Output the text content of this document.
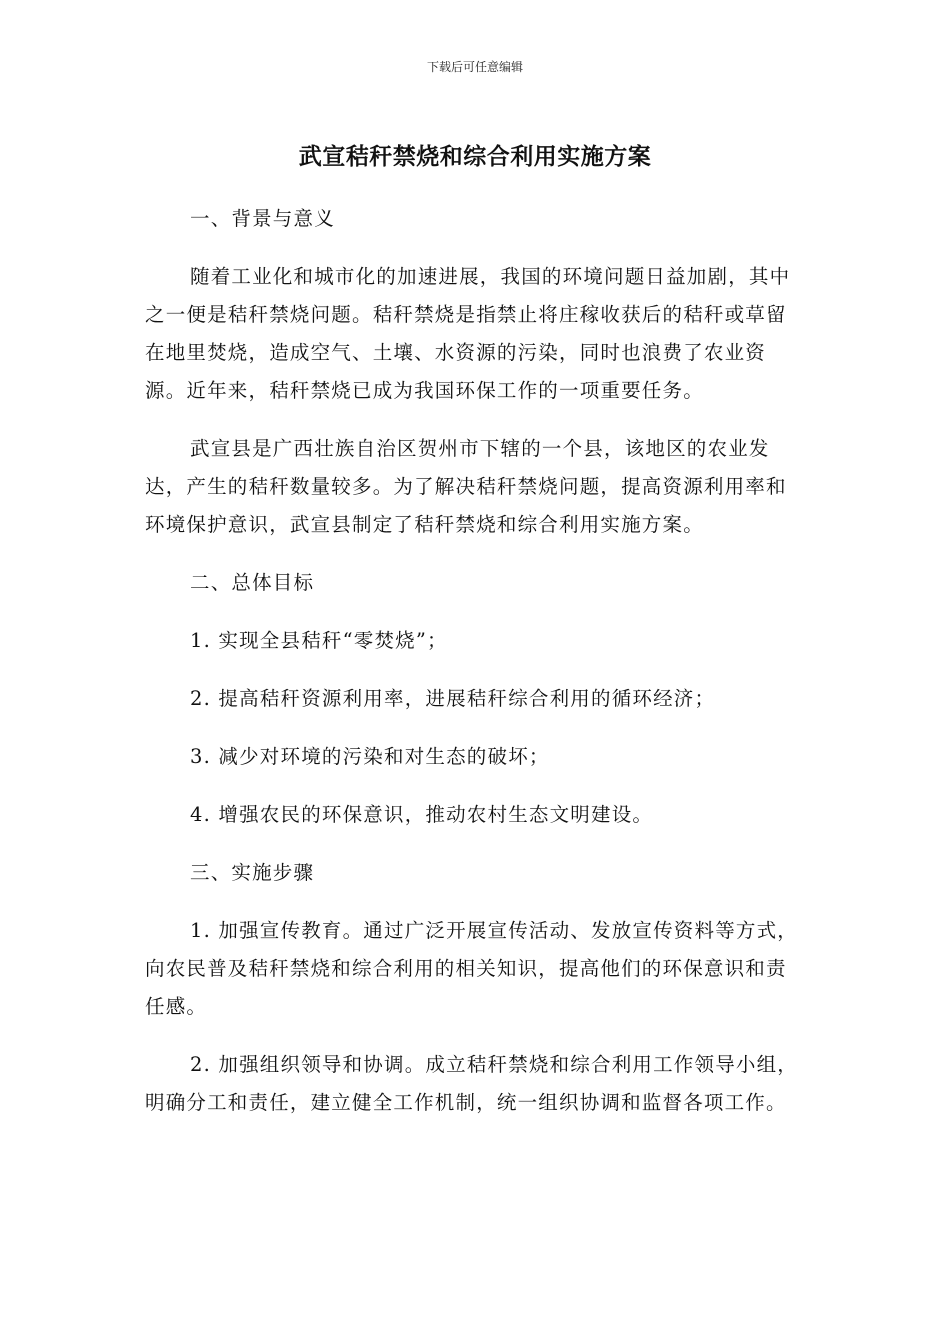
下载后可任意编辑

武宣秸秆禁烧和综合利用实施方案

一、背景与意义

随着工业化和城市化的加速进展，我国的环境问题日益加剧，其中之一便是秸秆禁烧问题。秸秆禁烧是指禁止将庄稼收获后的秸秆或草留在地里焚烧，造成空气、土壤、水资源的污染，同时也浪费了农业资源。近年来，秸秆禁烧已成为我国环保工作的一项重要任务。

武宣县是广西壮族自治区贺州市下辖的一个县，该地区的农业发达，产生的秸秆数量较多。为了解决秸秆禁烧问题，提高资源利用率和环境保护意识，武宣县制定了秸秆禁烧和综合利用实施方案。

二、总体目标

1. 实现全县秸秆“零焚烧”；

2. 提高秸秆资源利用率，进展秸秆综合利用的循环经济；

3. 减少对环境的污染和对生态的破坏；

4. 增强农民的环保意识，推动农村生态文明建设。

三、实施步骤

1. 加强宣传教育。通过广泛开展宣传活动、发放宣传资料等方式，向农民普及秸秆禁烧和综合利用的相关知识，提高他们的环保意识和责任感。

2. 加强组织领导和协调。成立秸秆禁烧和综合利用工作领导小组，明确分工和责任，建立健全工作机制，统一组织协调和监督各项工作。
